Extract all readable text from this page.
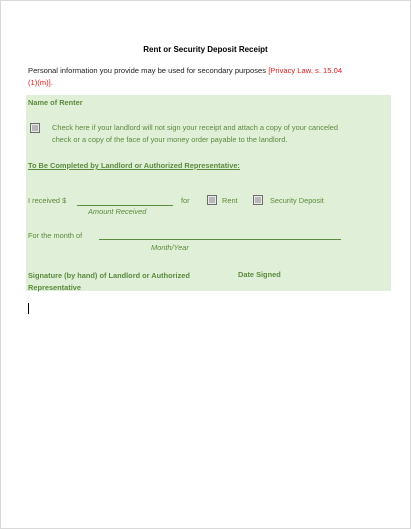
Rent or Security Deposit Receipt
Personal information you provide may be used for secondary purposes [Privacy Law, s. 15.04
(1)(m)].
Name of Renter
Check here if your landlord will not sign your receipt and attach a copy of your canceled
check or a copy of the face of your money order payable to the landlord.
To Be Completed by Landlord or Authorized Representative:
I received $
Amount Received
for	Rent	Security Deposit
For the month of
Month/Year
Signature (by hand) of Landlord or Authorized
Representative
Date Signed
